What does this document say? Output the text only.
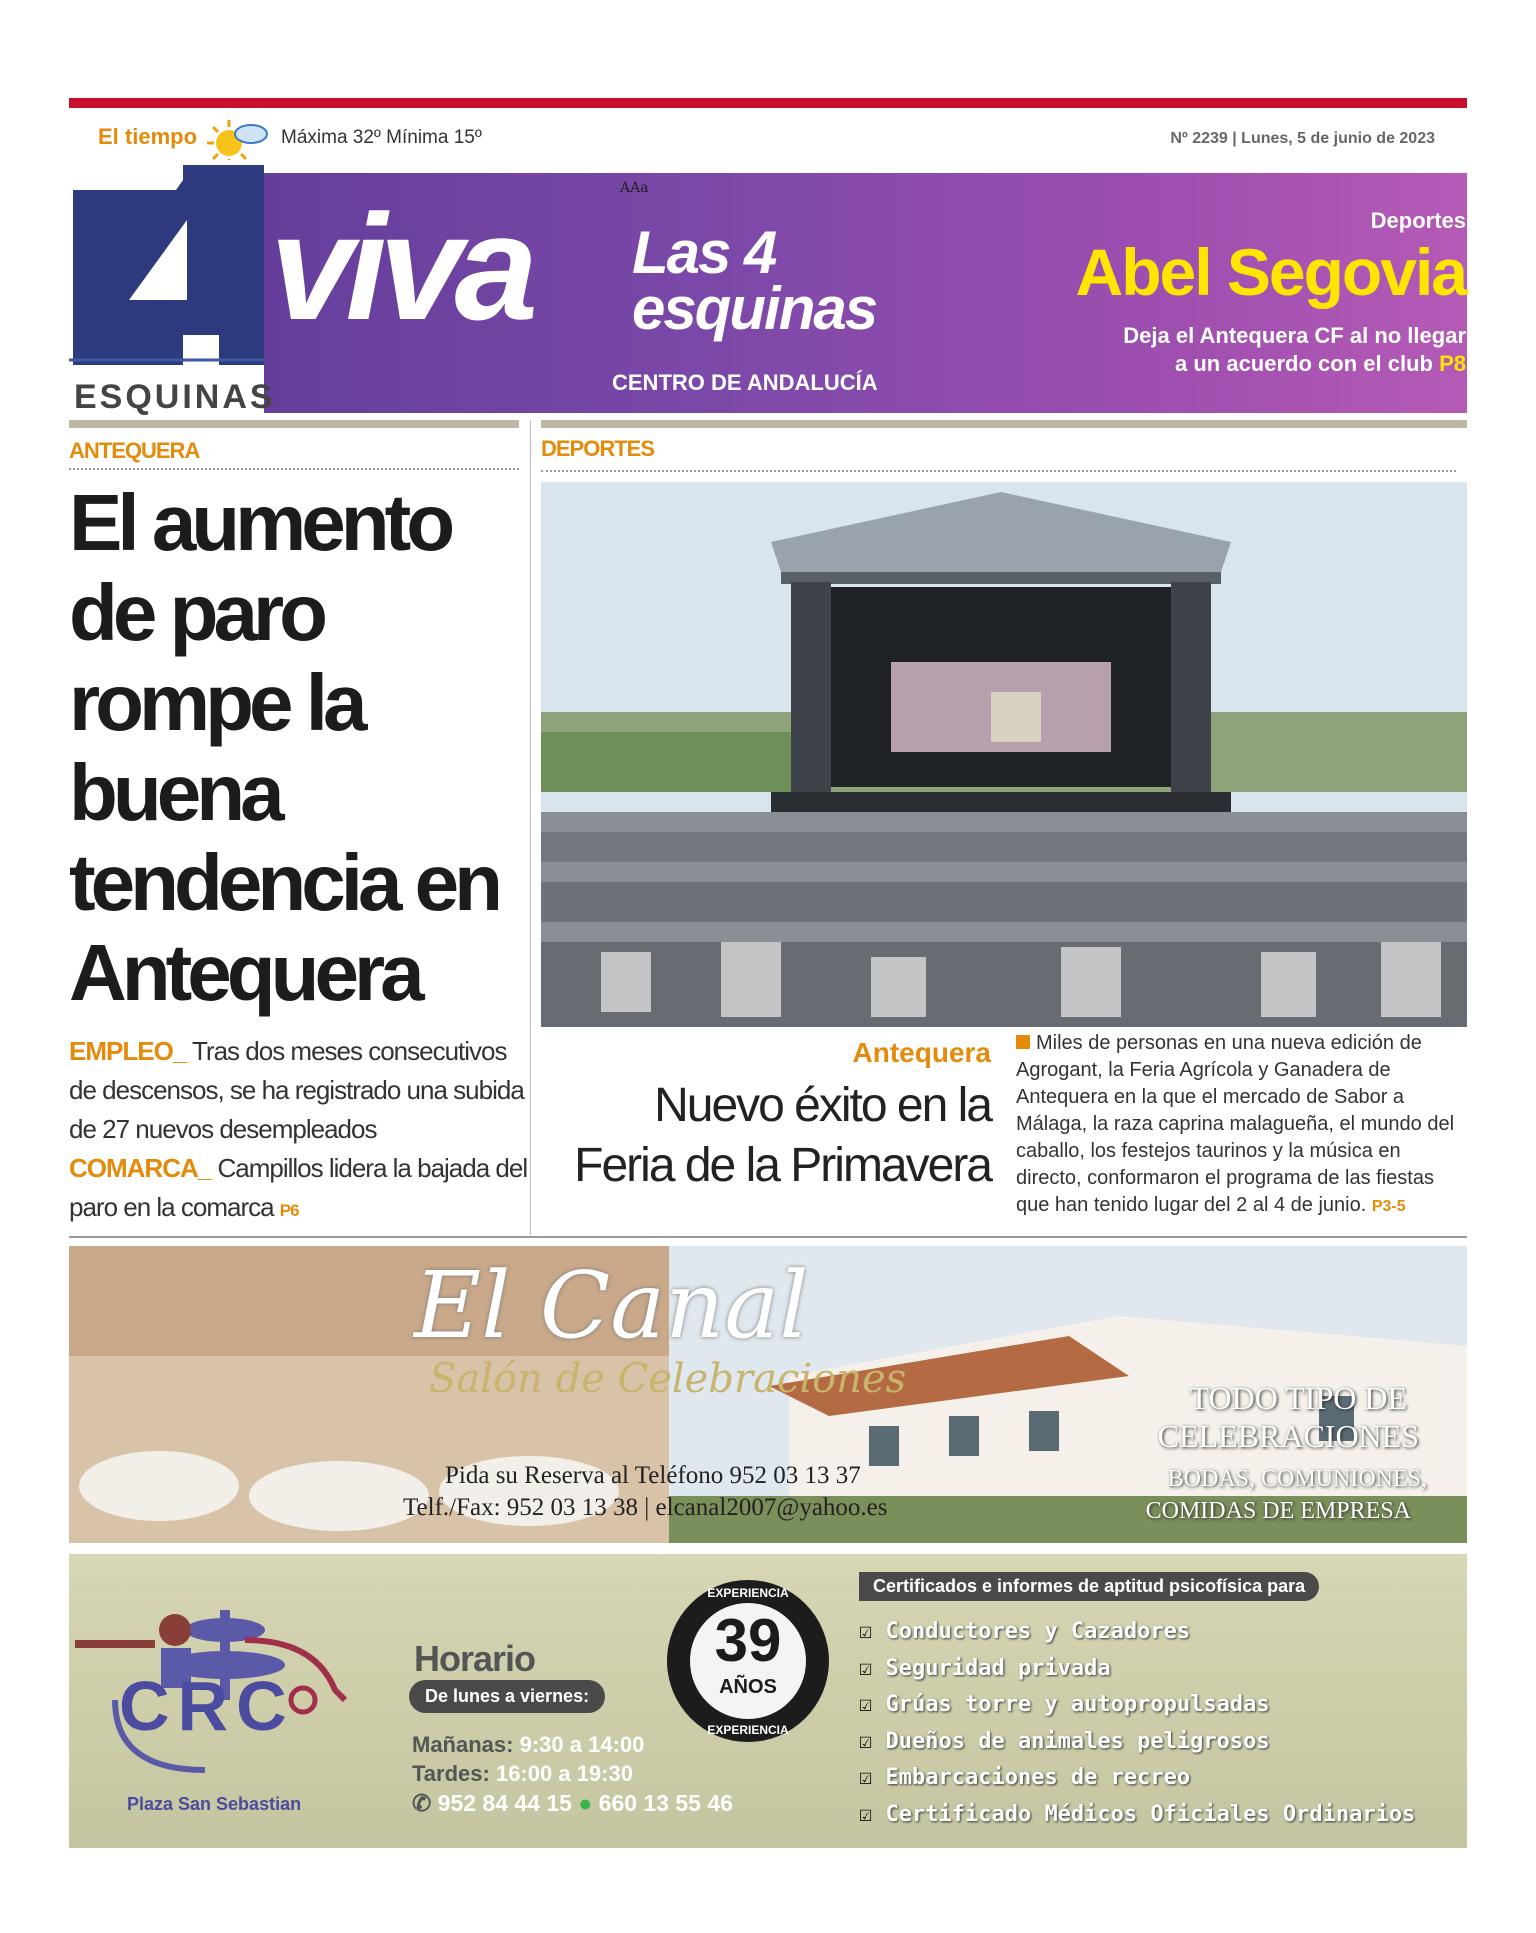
El tiempo	Máxima 32º Mínima 15º	Nº 2239 | Lunes, 5 de junio de 2023
LAS
ESQUINAS
AAa
viva Las 4
esquinas
CENTRO DE ANDALUCÍA
Deportes
Abel Segovia
Deja el Antequera CF al no llegar
a un acuerdo con el club P8
ANTEQUERA
El aumento de paro rompe la buena tendencia en Antequera
EMPLEO_ Tras dos meses consecutivos de descensos, se ha registrado una subida de 27 nuevos desempleados
COMARCA_ Campillos lidera la bajada del paro en la comarca P6
DEPORTES
Antequera
Nuevo éxito en la
Feria de la Primavera
Miles de personas en una nueva edición de Agrogant, la Feria Agrícola y Ganadera de Antequera en la que el mercado de Sabor a Málaga, la raza caprina malagueña, el mundo del caballo, los festejos taurinos y la música en directo, conformaron el programa de las fiestas que han tenido lugar del 2 al 4 de junio. P3-5
El Canal
Salón de Celebraciones
Pida su Reserva al Teléfono 952 03 13 37
Telf./Fax: 952 03 13 38 | elcanal2007@yahoo.es
TODO TIPO DE
CELEBRACIONES
BODAS, COMUNIONES,
COMIDAS DE EMPRESA
CRC
Plaza San Sebastian
Horario
De lunes a viernes:
Mañanas: 9:30 a 14:00
Tardes: 16:00 a 19:30
✆ 952 84 44 15 ● 660 13 55 46
EXPERIENCIA
39
AÑOS
EXPERIENCIA
Certificados e informes de aptitud psicofísica para
☑ Conductores y Cazadores
☑ Seguridad privada
☑ Grúas torre y autopropulsadas
☑ Dueños de animales peligrosos
☑ Embarcaciones de recreo
☑ Certificado Médicos Oficiales Ordinarios
